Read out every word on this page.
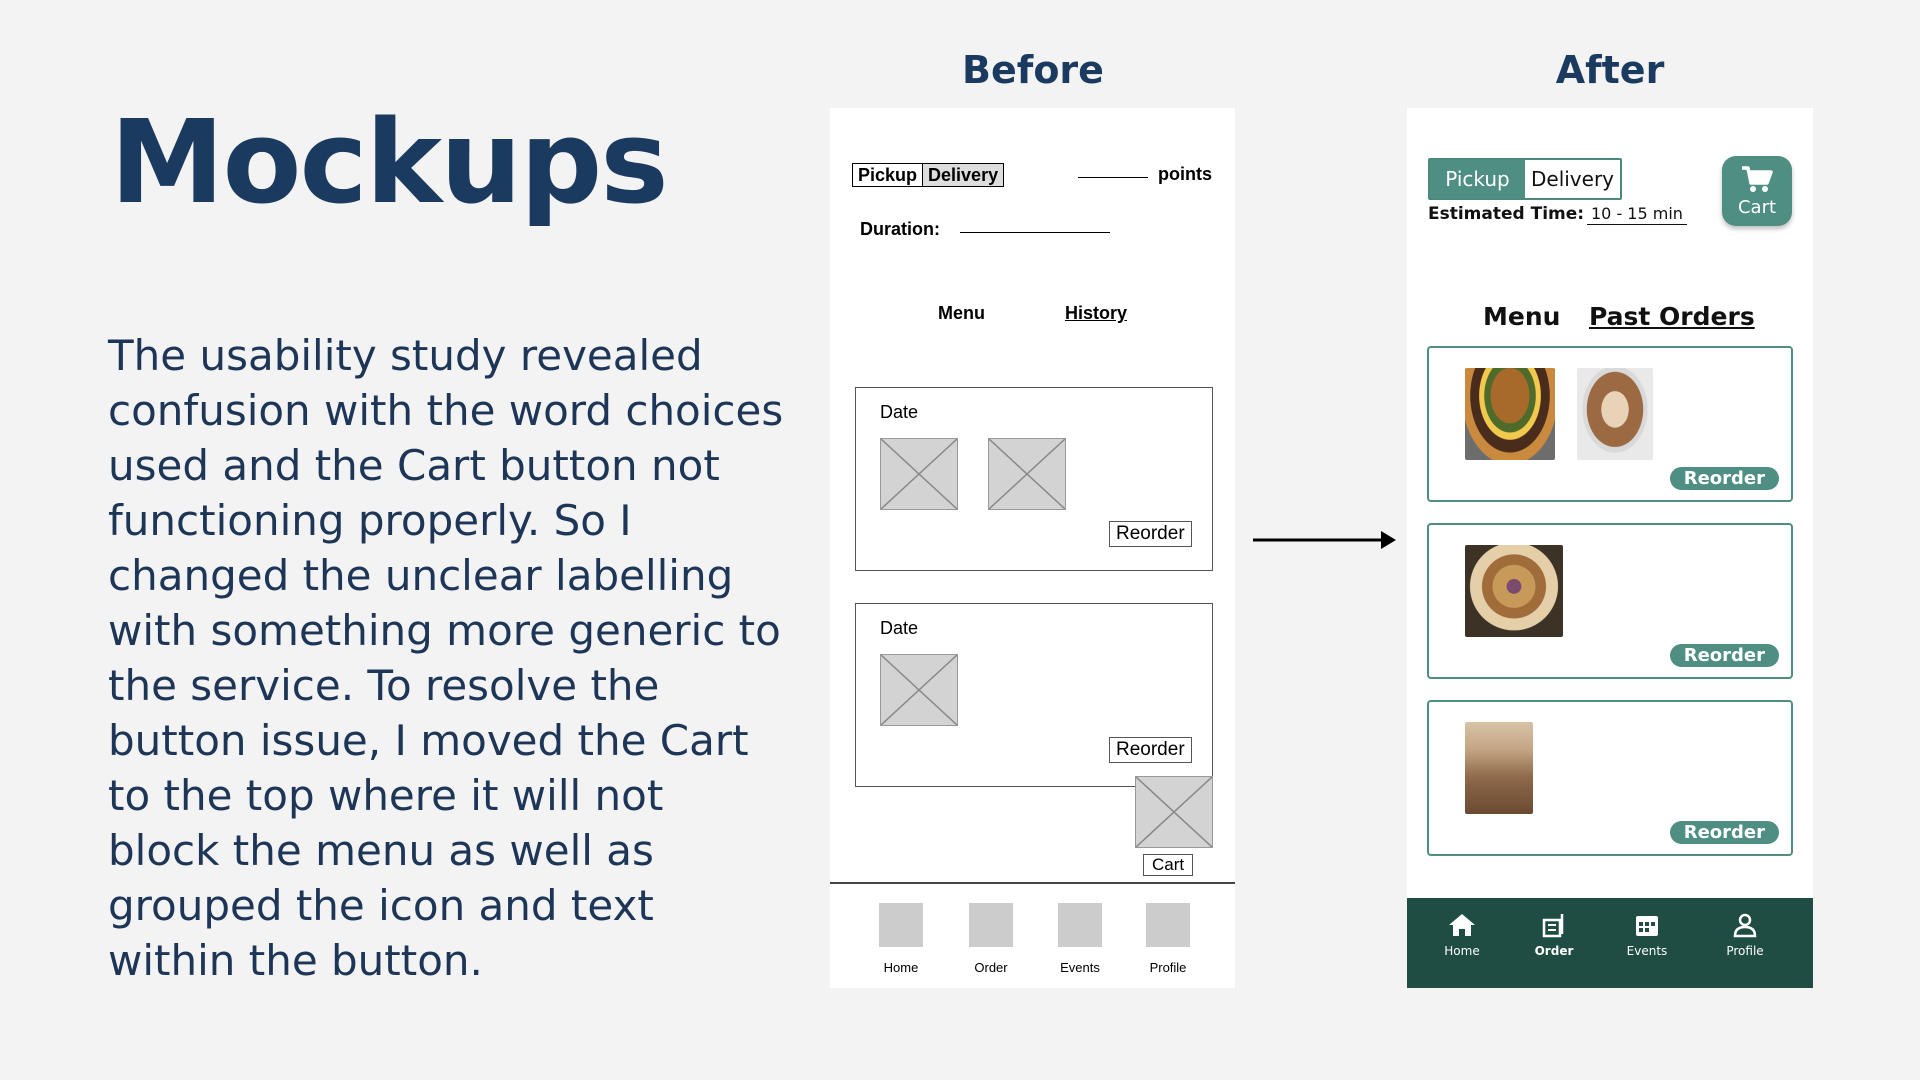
Mockups
The usability study revealed confusion with the word choices used and the Cart button not functioning properly. So I changed the unclear labelling with something more generic to the service. To resolve the button issue, I moved the Cart to the top where it will not block the menu as well as grouped the icon and text within the button.
Before	After
Pickup Delivery	points
Duration:
Menu	History
Date
Reorder
Date
Reorder
Cart
Home	Order	Events	Profile
Pickup	Delivery
Estimated Time: 10 - 15 min	Cart
Menu Past Orders
Reorder
Reorder
Reorder
Home	Order	Events	Profile
